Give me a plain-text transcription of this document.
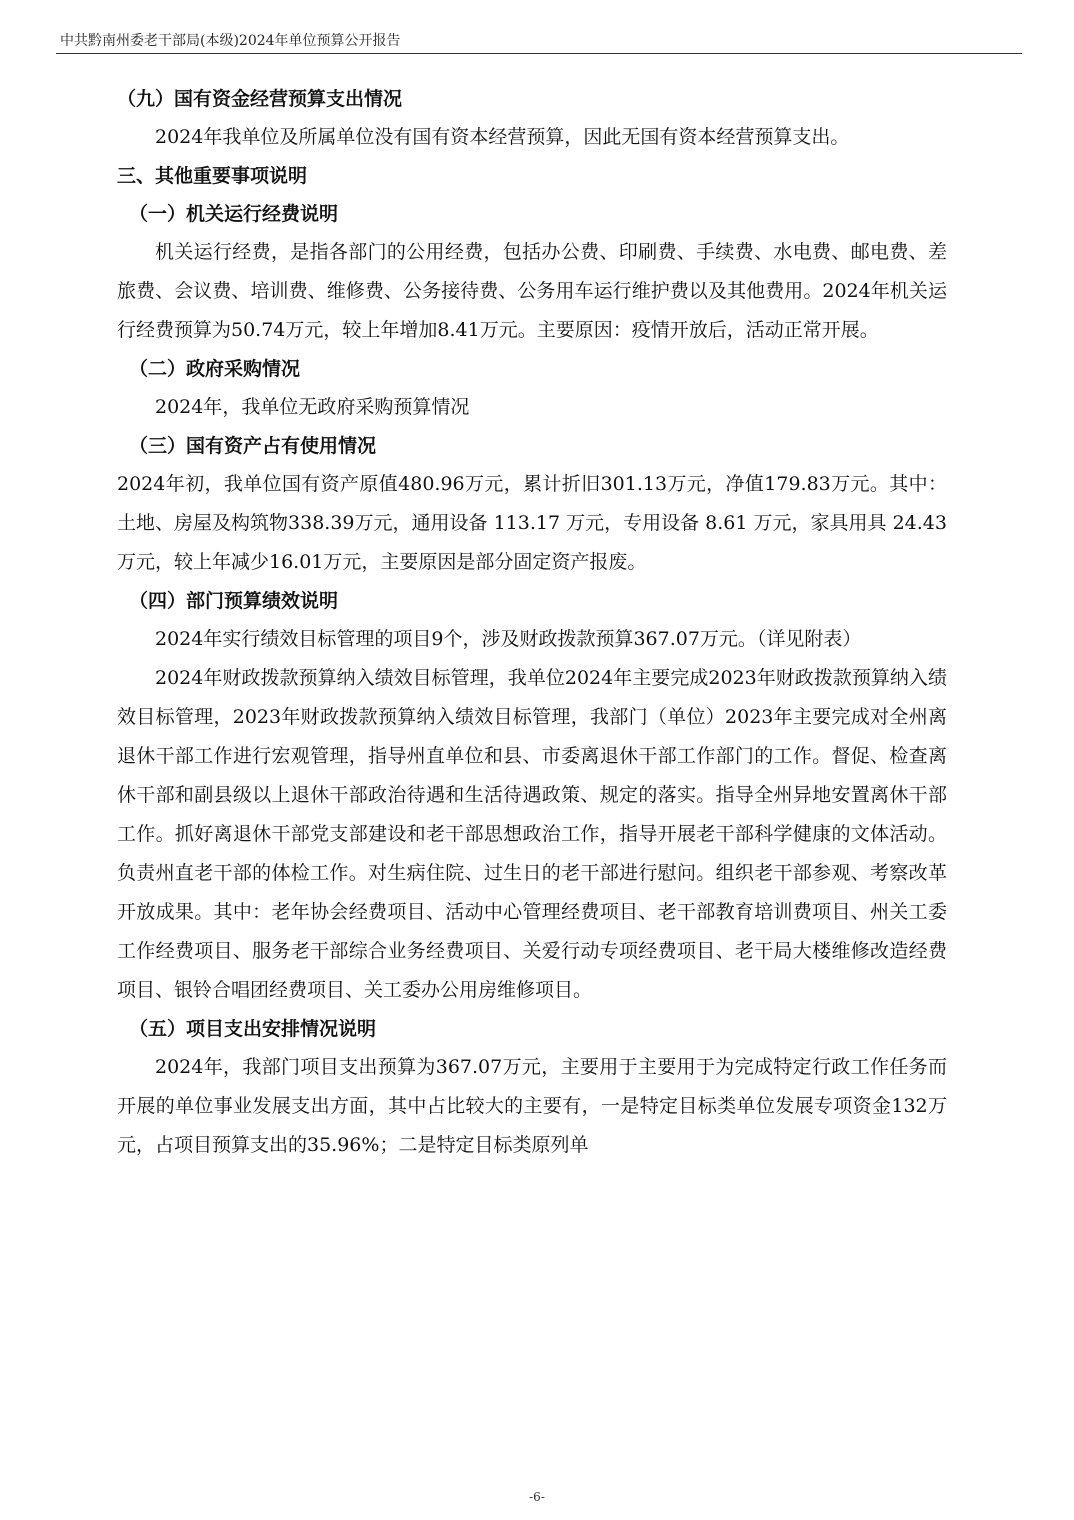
中共黔南州委老干部局(本级)2024年单位预算公开报告
（九）国有资金经营预算支出情况

2024年我单位及所属单位没有国有资本经营预算，因此无国有资本经营预算支出。

三、其他重要事项说明
（一）机关运行经费说明

机关运行经费，是指各部门的公用经费，包括办公费、印刷费、手续费、水电费、邮电费、差旅费、会议费、培训费、维修费、公务接待费、公务用车运行维护费以及其他费用。2024年机关运行经费预算为50.74万元，较上年增加8.41万元。主要原因：疫情开放后，活动正常开展。

（二）政府采购情况

2024年，我单位无政府采购预算情况

（三）国有资产占有使用情况

2024年初，我单位国有资产原值480.96万元，累计折旧301.13万元，净值179.83万元。其中：土地、房屋及构筑物338.39万元，通用设备 113.17 万元，专用设备 8.61 万元，家具用具 24.43 万元，较上年减少16.01万元，主要原因是部分固定资产报废。

（四）部门预算绩效说明

2024年实行绩效目标管理的项目9个，涉及财政拨款预算367.07万元。（详见附表）

2024年财政拨款预算纳入绩效目标管理，我单位2024年主要完成2023年财政拨款预算纳入绩效目标管理，2023年财政拨款预算纳入绩效目标管理，我部门（单位）2023年主要完成对全州离退休干部工作进行宏观管理，指导州直单位和县、市委离退休干部工作部门的工作。督促、检查离休干部和副县级以上退休干部政治待遇和生活待遇政策、规定的落实。指导全州异地安置离休干部工作。抓好离退休干部党支部建设和老干部思想政治工作，指导开展老干部科学健康的文体活动。负责州直老干部的体检工作。对生病住院、过生日的老干部进行慰问。组织老干部参观、考察改革开放成果。其中：老年协会经费项目、活动中心管理经费项目、老干部教育培训费项目、州关工委工作经费项目、服务老干部综合业务经费项目、关爱行动专项经费项目、老干局大楼维修改造经费项目、银铃合唱团经费项目、关工委办公用房维修项目。

（五）项目支出安排情况说明

2024年，我部门项目支出预算为367.07万元，主要用于主要用于为完成特定行政工作任务而开展的单位事业发展支出方面，其中占比较大的主要有，一是特定目标类单位发展专项资金132万元，占项目预算支出的35.96%；二是特定目标类原列单

-6-
